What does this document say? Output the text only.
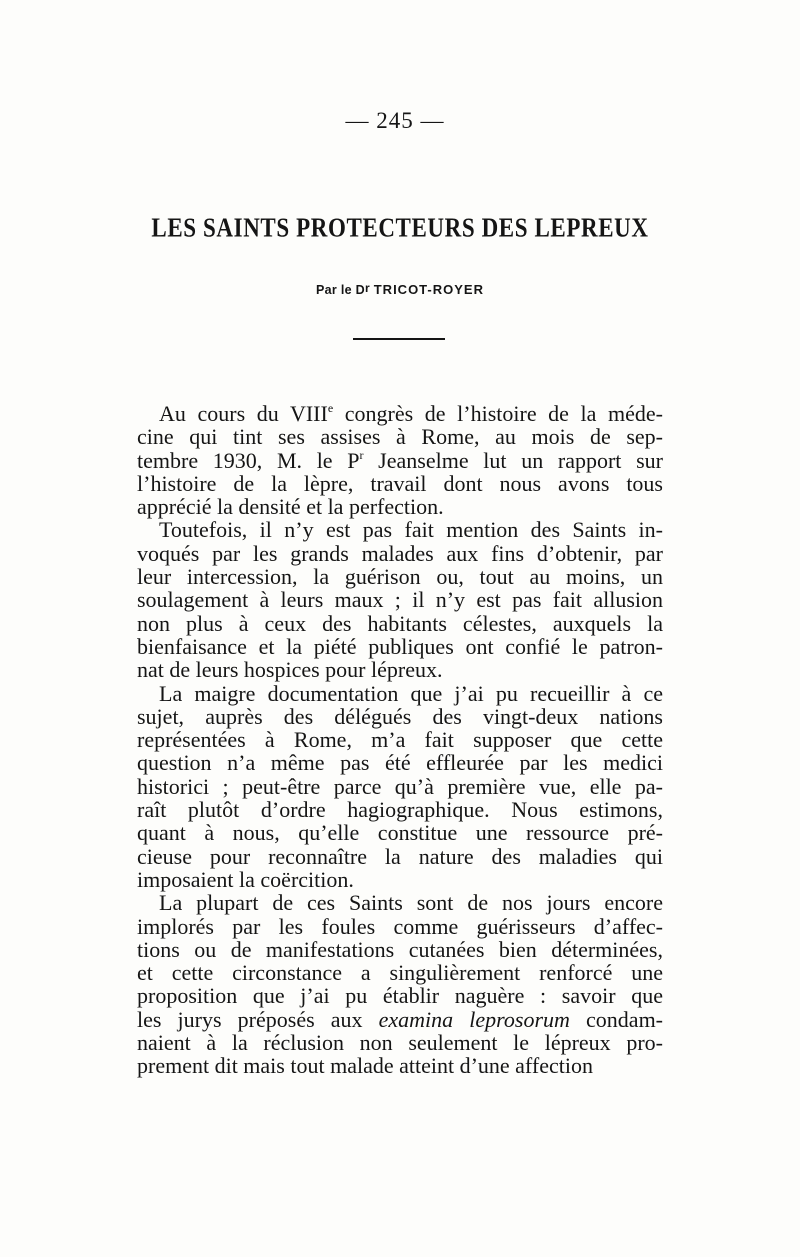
— 245 —
LES SAINTS PROTECTEURS DES LEPREUX
Par le $D^r$ TRICOT-ROYER
Au cours du VIIIe congrès de l’histoire de la méde-
cine qui tint ses assises à Rome, au mois de sep-
tembre 1930, M. le $P^r$ Jeanselme lut un rapport sur
l’histoire de la lèpre, travail dont nous avons tous
apprécié la densité et la perfection.
Toutefois, il n’y est pas fait mention des Saints in-
voqués par les grands malades aux fins d’obtenir, par
leur intercession, la guérison ou, tout au moins, un
soulagement à leurs maux ; il n’y est pas fait allusion
non plus à ceux des habitants célestes, auxquels la
bienfaisance et la piété publiques ont confié le patron-
nat de leurs hospices pour lépreux.
La maigre documentation que j’ai pu recueillir à ce
sujet, auprès des délégués des vingt-deux nations
représentées à Rome, m’a fait supposer que cette
question n’a même pas été effleurée par les medici
historici ; peut-être parce qu’à première vue, elle pa-
raît plutôt d’ordre hagiographique. Nous estimons,
quant à nous, qu’elle constitue une ressource pré-
cieuse pour reconnaître la nature des maladies qui
imposaient la coërcition.
La plupart de ces Saints sont de nos jours encore
implorés par les foules comme guérisseurs d’affec-
tions ou de manifestations cutanées bien déterminées,
et cette circonstance a singulièrement renforcé une
proposition que j’ai pu établir naguère : savoir que
les jurys préposés aux examina leprosorum condam-
naient à la réclusion non seulement le lépreux pro-
prement dit mais tout malade atteint d’une affection
